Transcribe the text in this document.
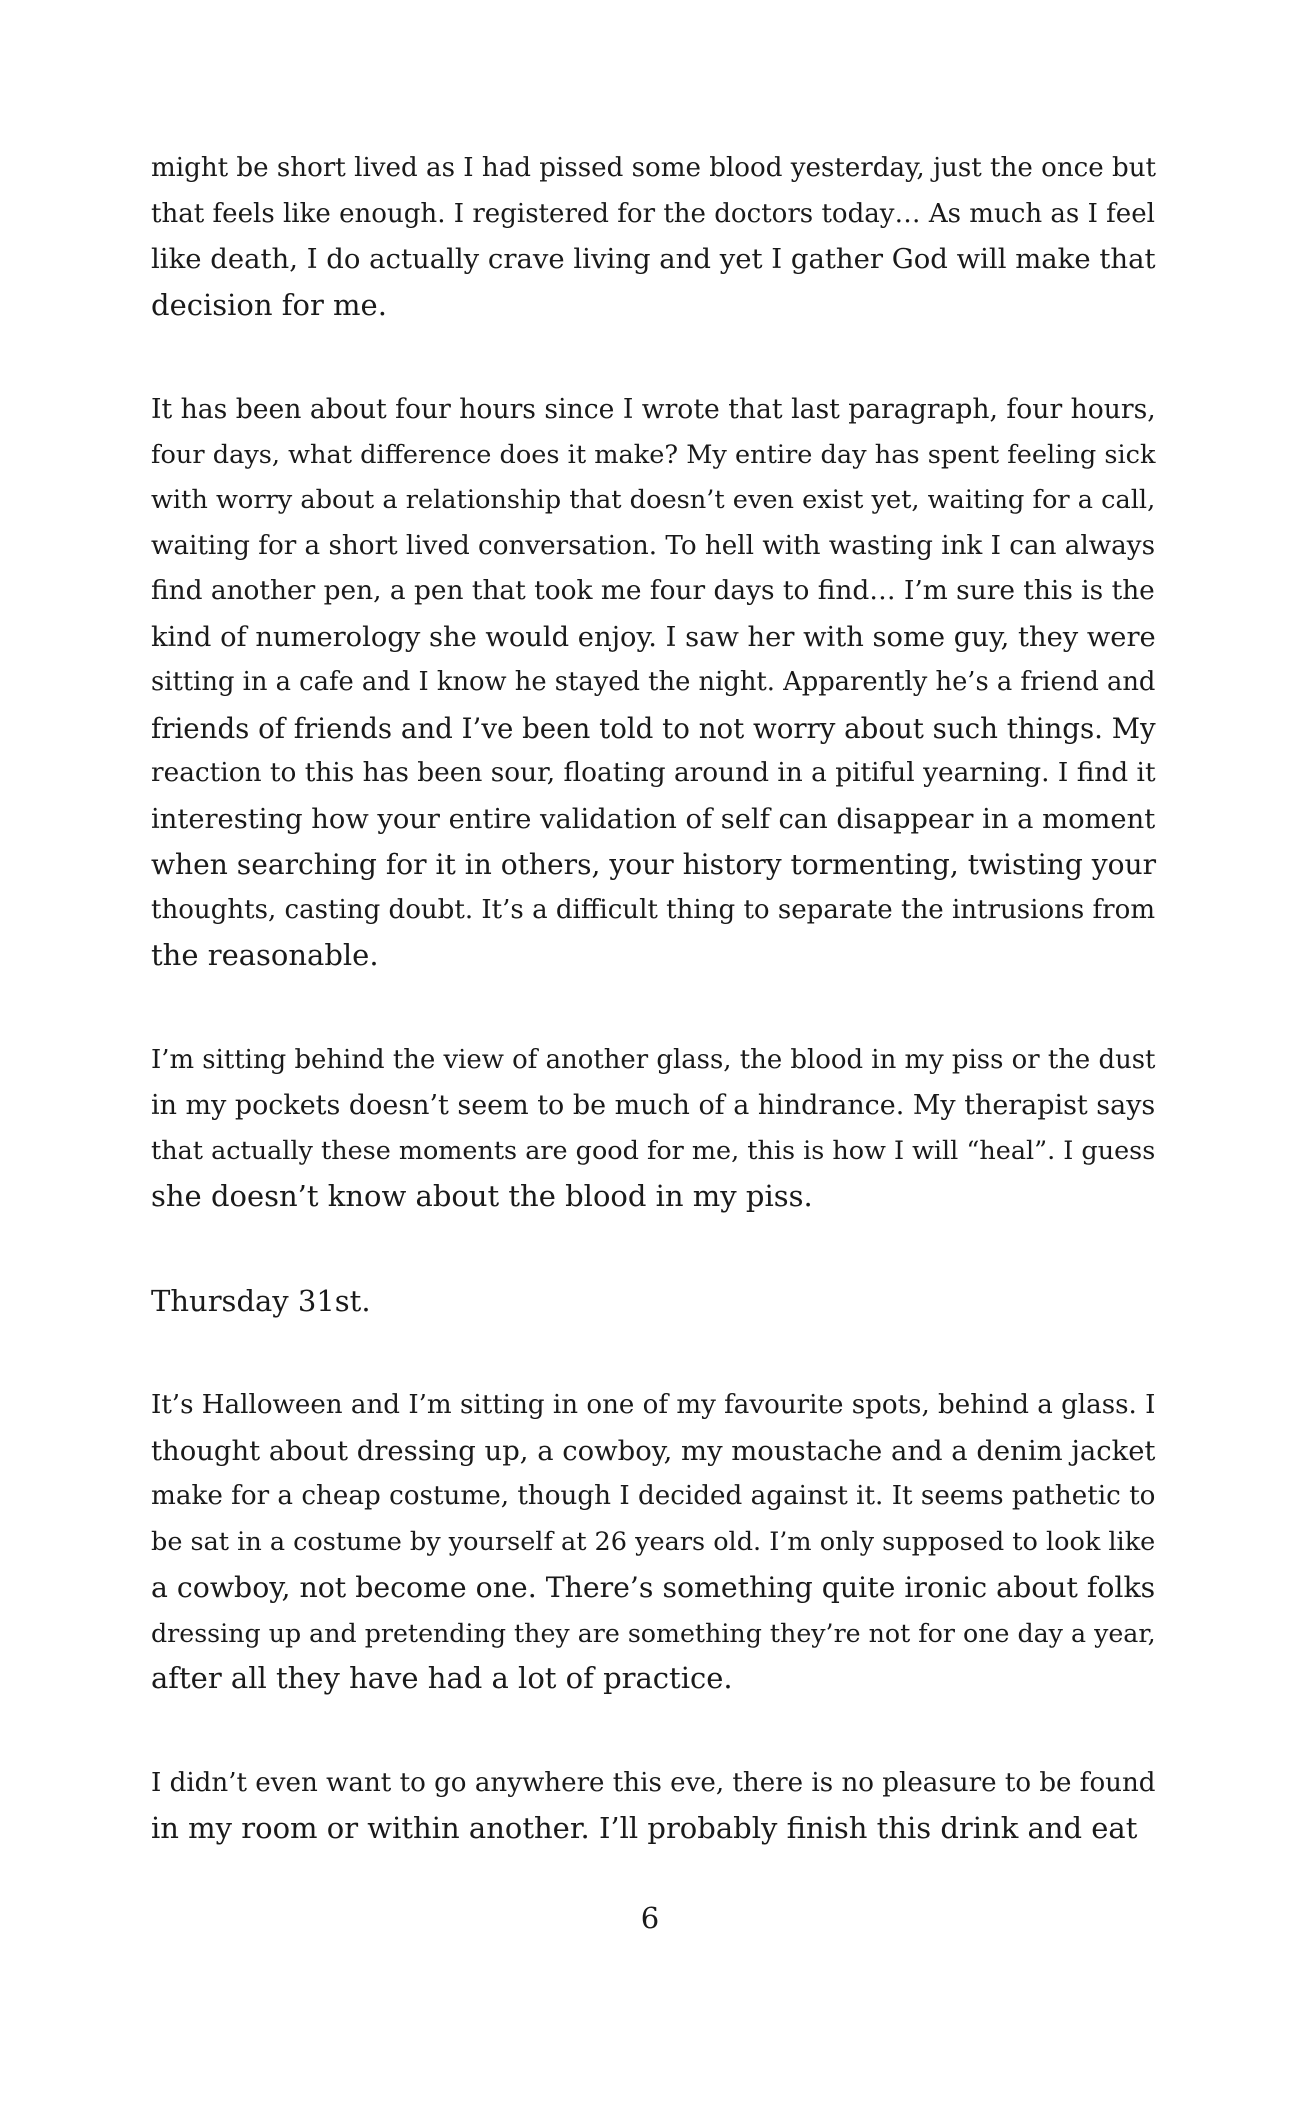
might be short lived as I had pissed some blood yesterday, just the once but
that feels like enough. I registered for the doctors today… As much as I feel
like death, I do actually crave living and yet I gather God will make that
decision for me.

It has been about four hours since I wrote that last paragraph, four hours,
four days, what difference does it make? My entire day has spent feeling sick
with worry about a relationship that doesn’t even exist yet, waiting for a call,
waiting for a short lived conversation. To hell with wasting ink I can always
find another pen, a pen that took me four days to find… I’m sure this is the
kind of numerology she would enjoy. I saw her with some guy, they were
sitting in a cafe and I know he stayed the night. Apparently he’s a friend and
friends of friends and I’ve been told to not worry about such things. My
reaction to this has been sour, floating around in a pitiful yearning. I find it
interesting how your entire validation of self can disappear in a moment
when searching for it in others, your history tormenting, twisting your
thoughts, casting doubt. It’s a difficult thing to separate the intrusions from
the reasonable.

I’m sitting behind the view of another glass, the blood in my piss or the dust
in my pockets doesn’t seem to be much of a hindrance. My therapist says
that actually these moments are good for me, this is how I will “heal”. I guess
she doesn’t know about the blood in my piss.

Thursday 31st.

It’s Halloween and I’m sitting in one of my favourite spots, behind a glass. I
thought about dressing up, a cowboy, my moustache and a denim jacket
make for a cheap costume, though I decided against it. It seems pathetic to
be sat in a costume by yourself at 26 years old. I’m only supposed to look like
a cowboy, not become one. There’s something quite ironic about folks
dressing up and pretending they are something they’re not for one day a year,
after all they have had a lot of practice.

I didn’t even want to go anywhere this eve, there is no pleasure to be found
in my room or within another. I’ll probably finish this drink and eat

6
